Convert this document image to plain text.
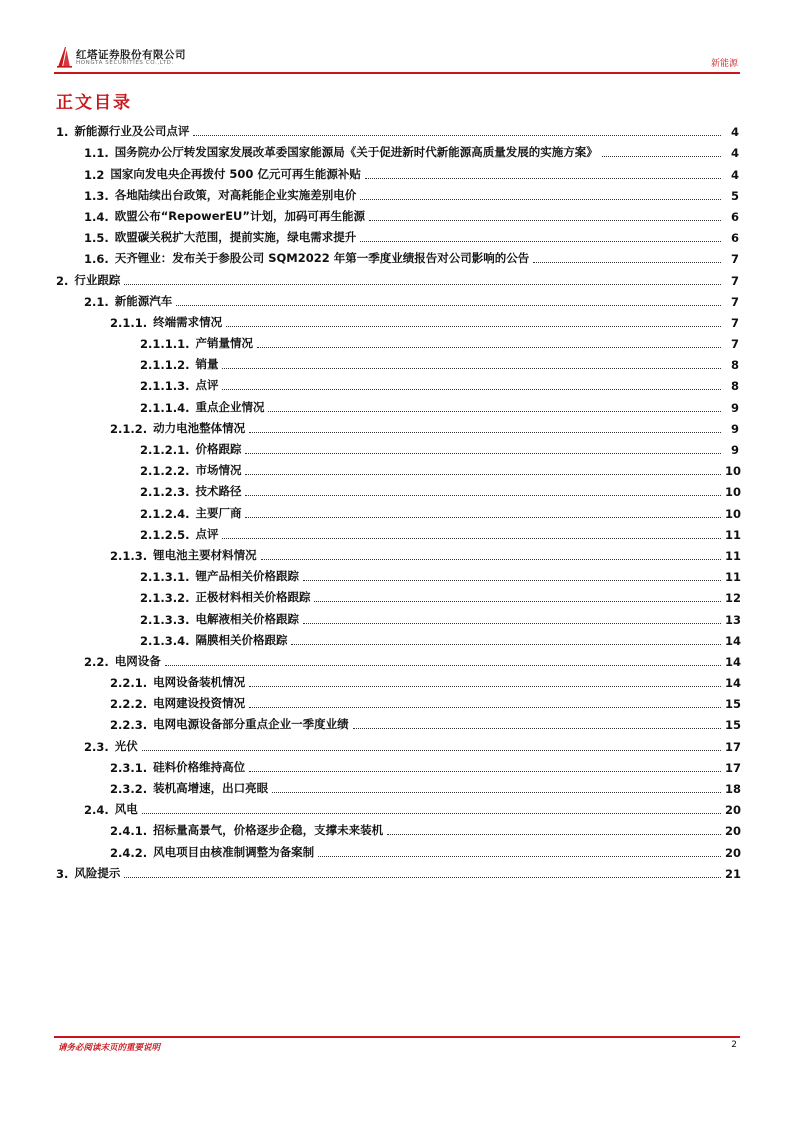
红塔证券股份有限公司
HONGTA SECURITIES CO.,LTD.	新能源
正文目录
1. 新能源行业及公司点评	4
1.1. 国务院办公厅转发国家发展改革委国家能源局《关于促进新时代新能源高质量发展的实施方案》	4
1.2 国家向发电央企再拨付 500 亿元可再生能源补贴	4
1.3. 各地陆续出台政策，对高耗能企业实施差别电价	5
1.4. 欧盟公布“RepowerEU”计划，加码可再生能源	6
1.5. 欧盟碳关税扩大范围，提前实施，绿电需求提升	6
1.6. 天齐锂业：发布关于参股公司 SQM2022 年第一季度业绩报告对公司影响的公告	7
2. 行业跟踪	7
2.1. 新能源汽车	7
2.1.1. 终端需求情况	7
2.1.1.1. 产销量情况	7
2.1.1.2. 销量	8
2.1.1.3. 点评	8
2.1.1.4. 重点企业情况	9
2.1.2. 动力电池整体情况	9
2.1.2.1. 价格跟踪	9
2.1.2.2. 市场情况	10
2.1.2.3. 技术路径	10
2.1.2.4. 主要厂商	10
2.1.2.5. 点评	11
2.1.3. 锂电池主要材料情况	11
2.1.3.1. 锂产品相关价格跟踪	11
2.1.3.2. 正极材料相关价格跟踪	12
2.1.3.3. 电解液相关价格跟踪	13
2.1.3.4. 隔膜相关价格跟踪	14
2.2. 电网设备	14
2.2.1. 电网设备装机情况	14
2.2.2. 电网建设投资情况	15
2.2.3. 电网电源设备部分重点企业一季度业绩	15
2.3. 光伏	17
2.3.1. 硅料价格维持高位	17
2.3.2. 装机高增速，出口亮眼	18
2.4. 风电	20
2.4.1. 招标量高景气，价格逐步企稳，支撑未来装机	20
2.4.2. 风电项目由核准制调整为备案制	20
3. 风险提示	21
请务必阅读末页的重要说明	2
